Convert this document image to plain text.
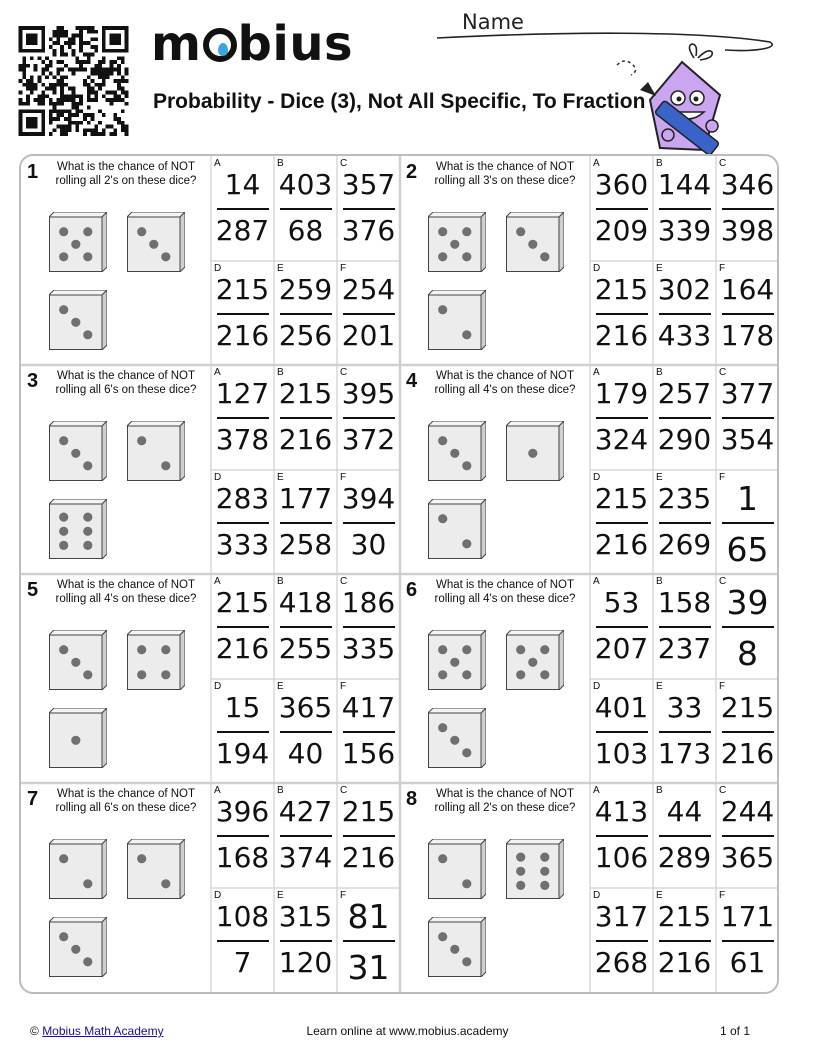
m bius
Probability - Dice (3), Not All Specific, To Fraction
Name
1	What is the chance of NOT rolling all 2's on these dice?
A
14
287
B
403
68
C
357
376
D
215
216
E
259
256
F
254
201
2	What is the chance of NOT rolling all 3's on these dice?
A
360
209
B
144
339
C
346
398
D
215
216
E
302
433
F
164
178
3	What is the chance of NOT rolling all 6's on these dice?
A
127
378
B
215
216
C
395
372
D
283
333
E
177
258
F
394
30
4	What is the chance of NOT rolling all 4's on these dice?
A
179
324
B
257
290
C
377
354
D
215
216
E
235
269
F
1
65
5	What is the chance of NOT rolling all 4's on these dice?
A
215
216
B
418
255
C
186
335
D
15
194
E
365
40
F
417
156
6	What is the chance of NOT rolling all 4's on these dice?
A
53
207
B
158
237
C
39
8
D
401
103
E
33
173
F
215
216
7	What is the chance of NOT rolling all 6's on these dice?
A
396
168
B
427
374
C
215
216
D
108
7
E
315
120
F
81
31
8	What is the chance of NOT rolling all 2's on these dice?
A
413
106
B
44
289
C
244
365
D
317
268
E
215
216
F
171
61
© Mobius Math Academy	Learn online at www.mobius.academy	1 of 1
